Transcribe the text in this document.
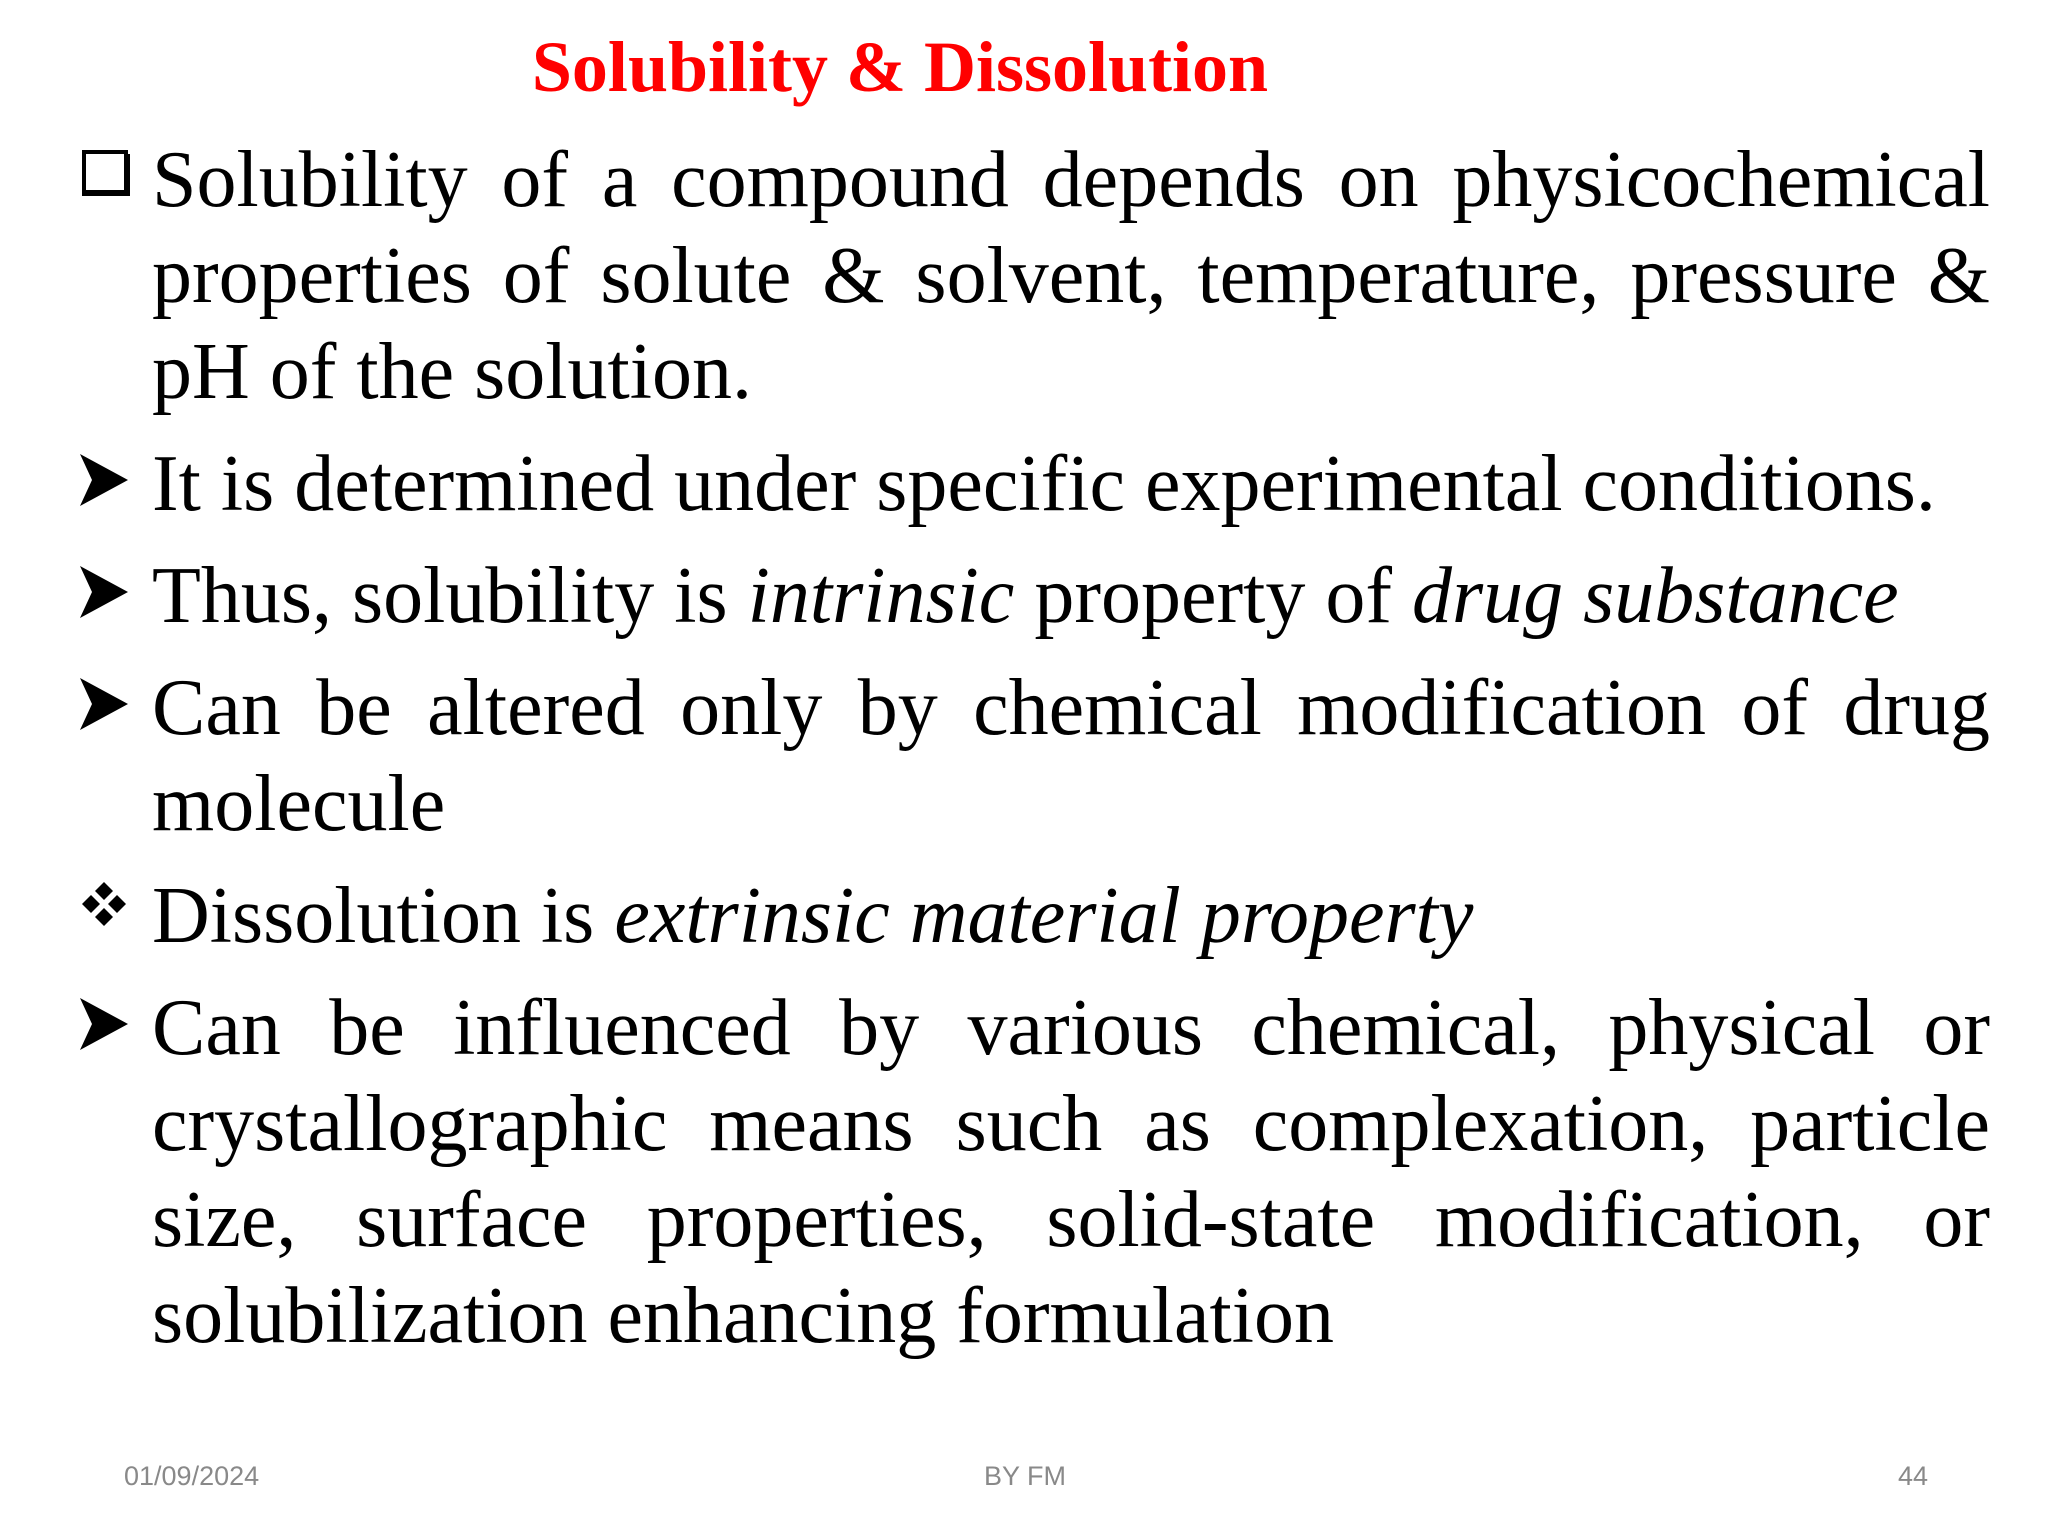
Solubility & Dissolution
Solubility of a compound depends on physicochemical properties of solute & solvent, temperature, pressure & pH of the solution.
It is determined under specific experimental conditions.
Thus, solubility is intrinsic property of drug substance
Can be altered only by chemical modification of drug molecule
Dissolution is extrinsic material property
Can be influenced by various chemical, physical or crystallographic means such as complexation, particle size, surface properties, solid-state modification, or solubilization enhancing formulation
01/09/2024	BY FM	44
